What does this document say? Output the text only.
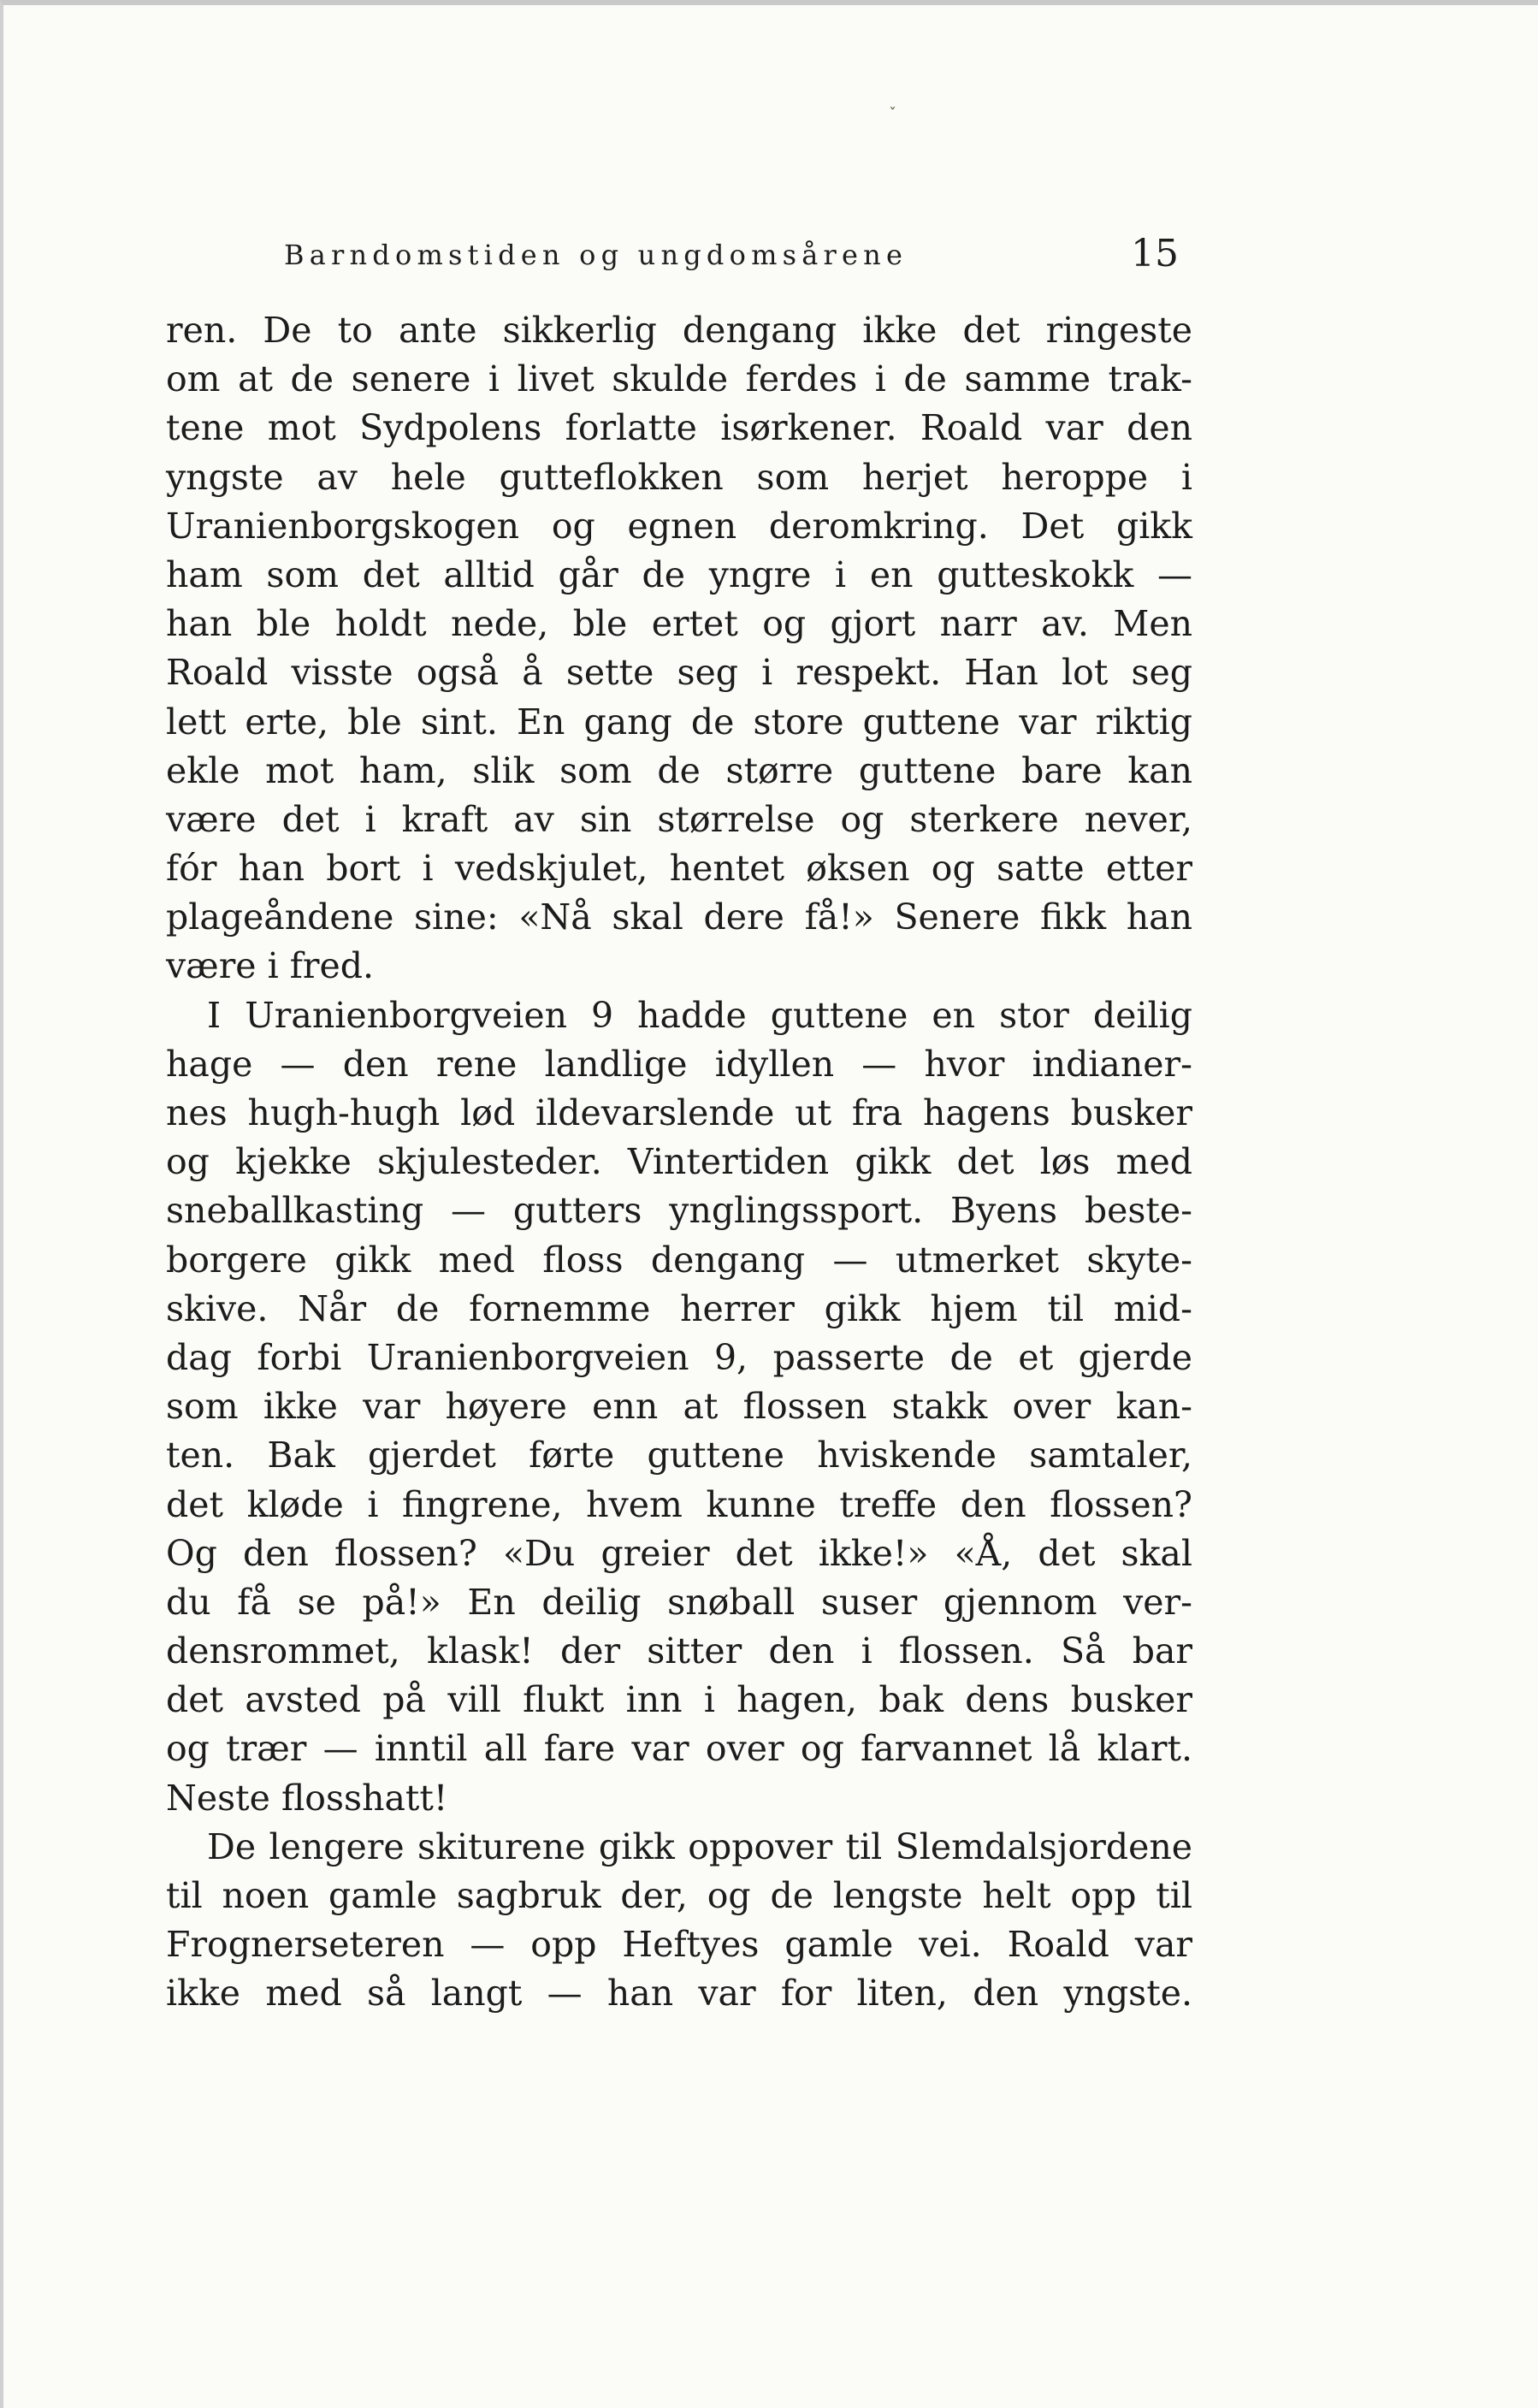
ˇ
Barndomstiden og ungdomsårene	15
ren. De to ante sikkerlig dengang ikke det ringeste
om at de senere i livet skulde ferdes i de samme trak-
tene mot Sydpolens forlatte isørkener. Roald var den
yngste av hele gutteflokken som herjet heroppe i
Uranienborgskogen og egnen deromkring. Det gikk
ham som det alltid går de yngre i en gutteskokk —
han ble holdt nede, ble ertet og gjort narr av. Men
Roald visste også å sette seg i respekt. Han lot seg
lett erte, ble sint. En gang de store guttene var riktig
ekle mot ham, slik som de større guttene bare kan
være det i kraft av sin størrelse og sterkere never,
fór han bort i vedskjulet, hentet øksen og satte etter
plageåndene sine: «Nå skal dere få!» Senere fikk han
være i fred.
I Uranienborgveien 9 hadde guttene en stor deilig
hage — den rene landlige idyllen — hvor indianer-
nes hugh-hugh lød ildevarslende ut fra hagens busker
og kjekke skjulesteder. Vintertiden gikk det løs med
sneballkasting — gutters ynglingssport. Byens beste-
borgere gikk med floss dengang — utmerket skyte-
skive. Når de fornemme herrer gikk hjem til mid-
dag forbi Uranienborgveien 9, passerte de et gjerde
som ikke var høyere enn at flossen stakk over kan-
ten. Bak gjerdet førte guttene hviskende samtaler,
det kløde i fingrene, hvem kunne treffe den flossen?
Og den flossen? «Du greier det ikke!» «Å, det skal
du få se på!» En deilig snøball suser gjennom ver-
densrommet, klask! der sitter den i flossen. Så bar
det avsted på vill flukt inn i hagen, bak dens busker
og trær — inntil all fare var over og farvannet lå klart.
Neste flosshatt!
De lengere skiturene gikk oppover til Slemdalsjordene
til noen gamle sagbruk der, og de lengste helt opp til
Frognerseteren — opp Heftyes gamle vei. Roald var
ikke med så langt — han var for liten, den yngste.
